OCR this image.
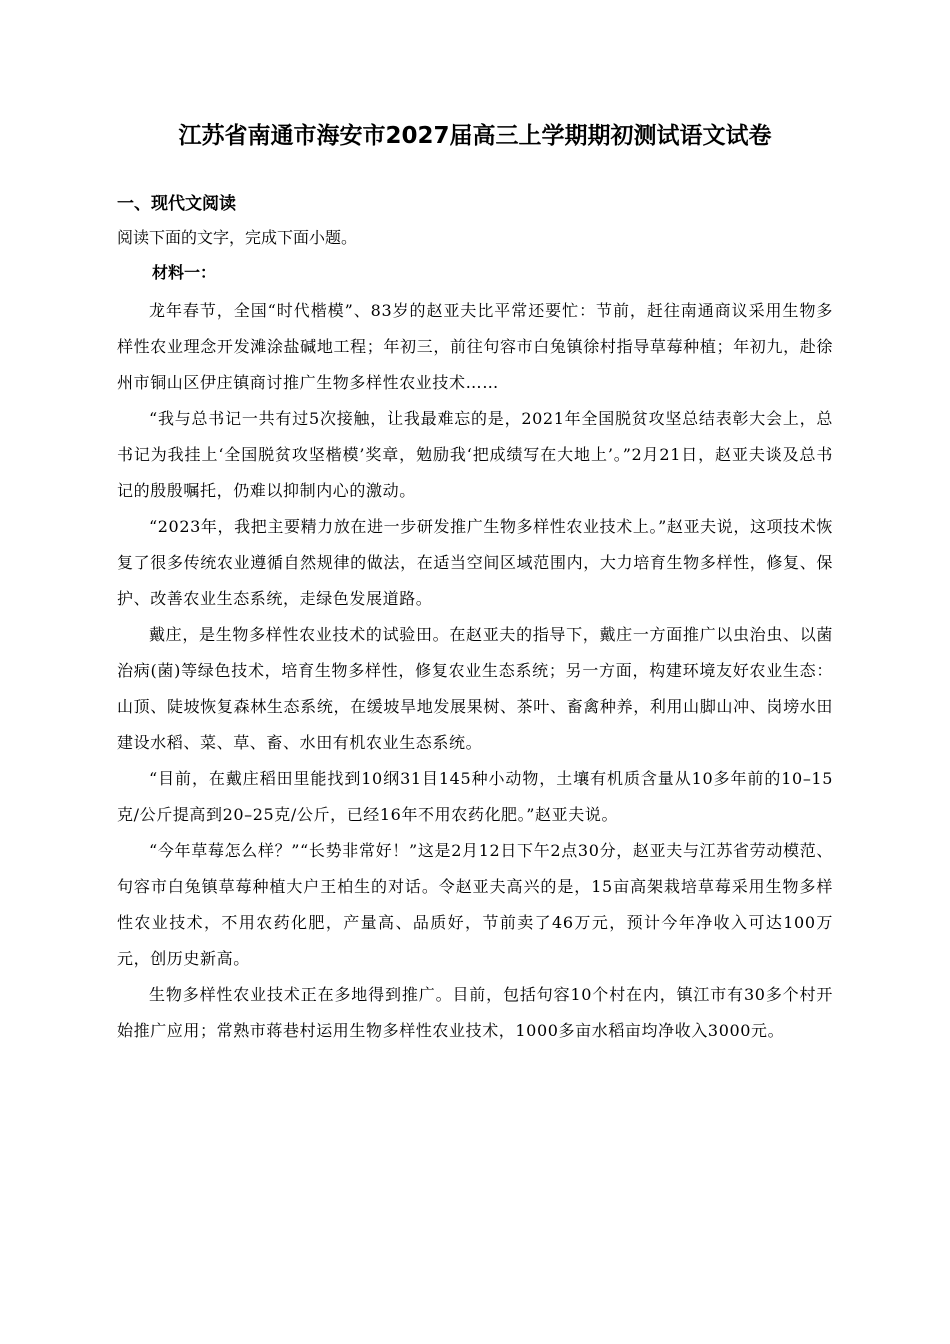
江苏省南通市海安市2027届高三上学期期初测试语文试卷
一、现代文阅读
阅读下面的文字，完成下面小题。
材料一：

龙年春节，全国“时代楷模”、83岁的赵亚夫比平常还要忙：节前，赶往南通商议采用生物多样性农业理念开发滩涂盐碱地工程；年初三，前往句容市白兔镇徐村指导草莓种植；年初九，赴徐州市铜山区伊庄镇商讨推广生物多样性农业技术……

“我与总书记一共有过5次接触，让我最难忘的是，2021年全国脱贫攻坚总结表彰大会上，总书记为我挂上‘全国脱贫攻坚楷模’奖章，勉励我‘把成绩写在大地上’。”2月21日，赵亚夫谈及总书记的殷殷嘱托，仍难以抑制内心的激动。

“2023年，我把主要精力放在进一步研发推广生物多样性农业技术上。”赵亚夫说，这项技术恢复了很多传统农业遵循自然规律的做法，在适当空间区域范围内，大力培育生物多样性，修复、保护、改善农业生态系统，走绿色发展道路。

戴庄，是生物多样性农业技术的试验田。在赵亚夫的指导下，戴庄一方面推广以虫治虫、以菌治病(菌)等绿色技术，培育生物多样性，修复农业生态系统；另一方面，构建环境友好农业生态：山顶、陡坡恢复森林生态系统，在缓坡旱地发展果树、茶叶、畜禽种养，利用山脚山冲、岗塝水田建设水稻、菜、草、畜、水田有机农业生态系统。

“目前，在戴庄稻田里能找到10纲31目145种小动物，土壤有机质含量从10多年前的10–15克/公斤提高到20–25克/公斤，已经16年不用农药化肥。”赵亚夫说。

“今年草莓怎么样？”“长势非常好！”这是2月12日下午2点30分，赵亚夫与江苏省劳动模范、句容市白兔镇草莓种植大户王柏生的对话。令赵亚夫高兴的是，15亩高架栽培草莓采用生物多样性农业技术，不用农药化肥，产量高、品质好，节前卖了46万元，预计今年净收入可达100万元，创历史新高。

生物多样性农业技术正在多地得到推广。目前，包括句容10个村在内，镇江市有30多个村开始推广应用；常熟市蒋巷村运用生物多样性农业技术，1000多亩水稻亩均净收入3000元。
